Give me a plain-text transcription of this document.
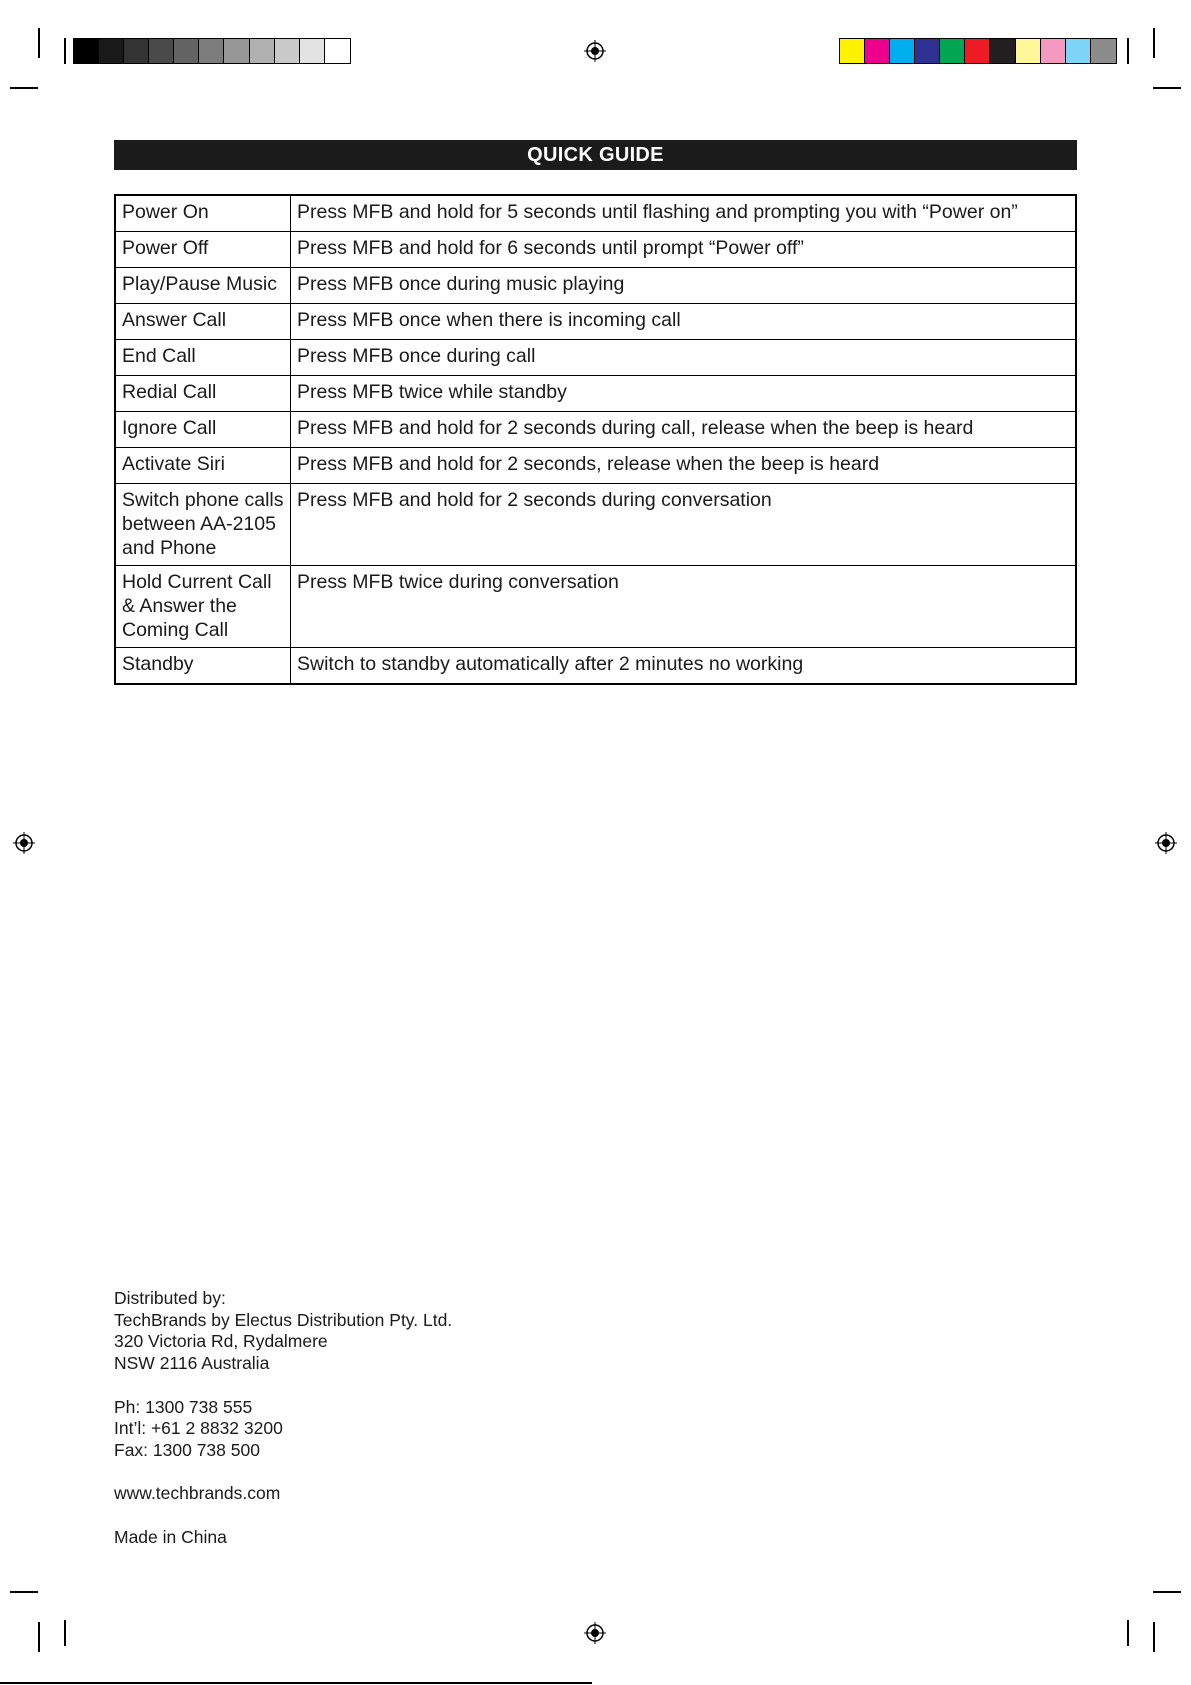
QUICK GUIDE
Power On	Press MFB and hold for 5 seconds until flashing and prompting you with “Power on”
Power Off	Press MFB and hold for 6 seconds until prompt “Power off”
Play/Pause Music	Press MFB once during music playing
Answer Call	Press MFB once when there is incoming call
End Call	Press MFB once during call
Redial Call	Press MFB twice while standby
Ignore Call	Press MFB and hold for 2 seconds during call, release when the beep is heard
Activate Siri	Press MFB and hold for 2 seconds, release when the beep is heard
Switch phone calls between AA-2105 and Phone	Press MFB and hold for 2 seconds during conversation
Hold Current Call & Answer the Coming Call	Press MFB twice during conversation
Standby	Switch to standby automatically after 2 minutes no working
Distributed by:
TechBrands by Electus Distribution Pty. Ltd.
320 Victoria Rd, Rydalmere
NSW 2116 Australia
Ph: 1300 738 555
Int’l: +61 2 8832 3200
Fax: 1300 738 500
www.techbrands.com
Made in China
